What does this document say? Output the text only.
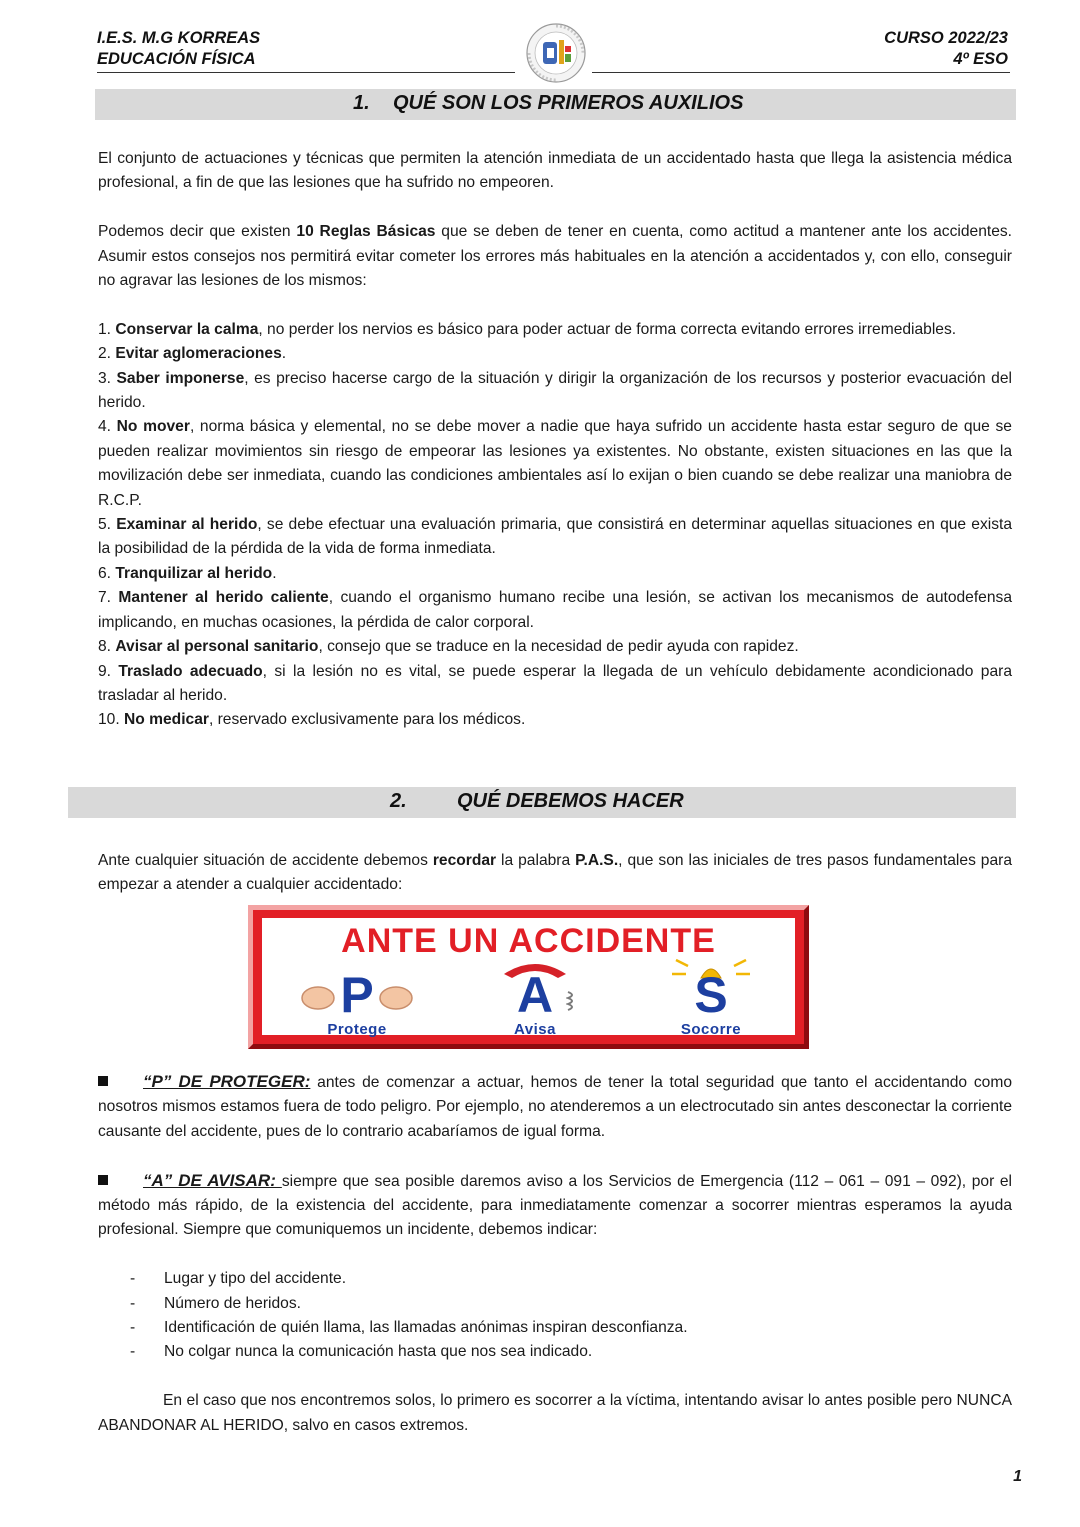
I.E.S. M.G KORREAS
EDUCACIÓN FÍSICA
CURSO 2022/23
4º ESO
1. QUÉ SON LOS PRIMEROS AUXILIOS

El conjunto de actuaciones y técnicas que permiten la atención inmediata de un accidentado hasta que llega la asistencia médica profesional, a fin de que las lesiones que ha sufrido no empeoren.

Podemos decir que existen 10 Reglas Básicas que se deben de tener en cuenta, como actitud a mantener ante los accidentes. Asumir estos consejos nos permitirá evitar cometer los errores más habituales en la atención a accidentados y, con ello, conseguir no agravar las lesiones de los mismos:

1. Conservar la calma, no perder los nervios es básico para poder actuar de forma correcta evitando errores irremediables.

2. Evitar aglomeraciones.

3. Saber imponerse, es preciso hacerse cargo de la situación y dirigir la organización de los recursos y posterior evacuación del herido.

4. No mover, norma básica y elemental, no se debe mover a nadie que haya sufrido un accidente hasta estar seguro de que se pueden realizar movimientos sin riesgo de empeorar las lesiones ya existentes. No obstante, existen situaciones en las que la movilización debe ser inmediata, cuando las condiciones ambientales así lo exijan o bien cuando se debe realizar una maniobra de R.C.P.

5. Examinar al herido, se debe efectuar una evaluación primaria, que consistirá en determinar aquellas situaciones en que exista la posibilidad de la pérdida de la vida de forma inmediata.

6. Tranquilizar al herido.

7. Mantener al herido caliente, cuando el organismo humano recibe una lesión, se activan los mecanismos de autodefensa implicando, en muchas ocasiones, la pérdida de calor corporal.

8. Avisar al personal sanitario, consejo que se traduce en la necesidad de pedir ayuda con rapidez.

9. Traslado adecuado, si la lesión no es vital, se puede esperar la llegada de un vehículo debidamente acondicionado para trasladar al herido.

10. No medicar, reservado exclusivamente para los médicos.

2.	QUÉ DEBEMOS HACER

Ante cualquier situación de accidente debemos recordar la palabra P.A.S., que son las iniciales de tres pasos fundamentales para empezar a atender a cualquier accidentado:

ANTE UN ACCIDENTE
P
Protege
A
Avisa
S
Socorre

“P” DE PROTEGER: antes de comenzar a actuar, hemos de tener la total seguridad que tanto el accidentando como nosotros mismos estamos fuera de todo peligro. Por ejemplo, no atenderemos a un electrocutado sin antes desconectar la corriente causante del accidente, pues de lo contrario acabaríamos de igual forma.

“A” DE AVISAR: siempre que sea posible daremos aviso a los Servicios de Emergencia (112 – 061 – 091 – 092), por el método más rápido, de la existencia del accidente, para inmediatamente comenzar a socorrer mientras esperamos la ayuda profesional. Siempre que comuniquemos un incidente, debemos indicar:

- Lugar y tipo del accidente.
- Número de heridos.
- Identificación de quién llama, las llamadas anónimas inspiran desconfianza.
- No colgar nunca la comunicación hasta que nos sea indicado.

En el caso que nos encontremos solos, lo primero es socorrer a la víctima, intentando avisar lo antes posible pero NUNCA ABANDONAR AL HERIDO, salvo en casos extremos.

1
